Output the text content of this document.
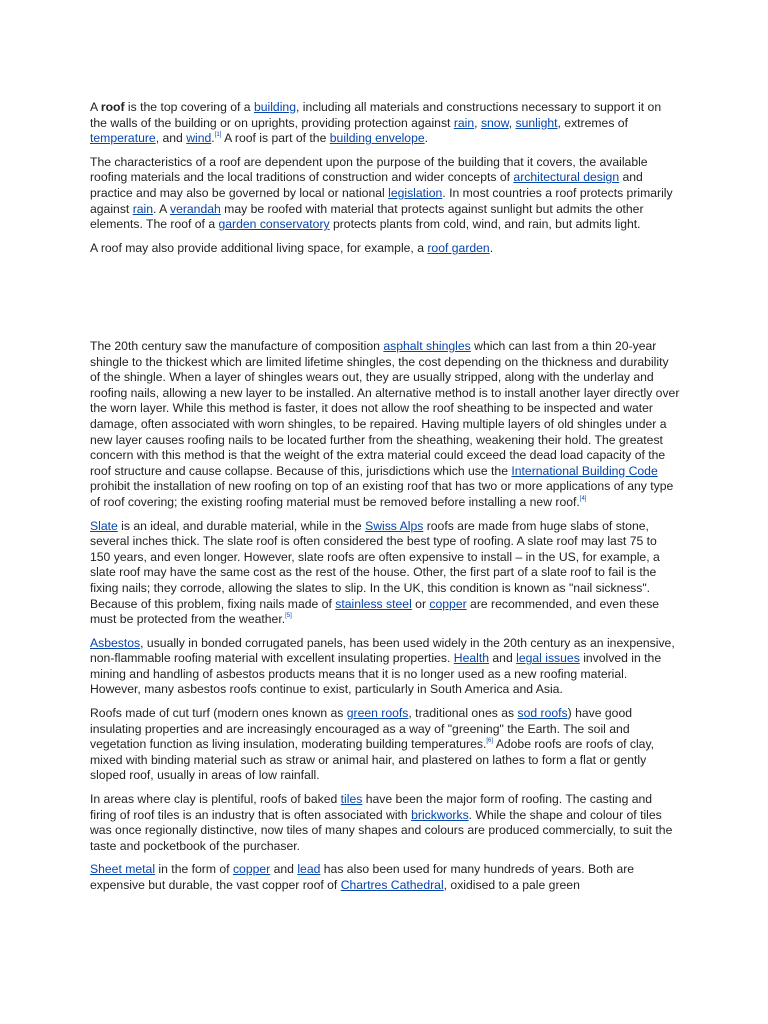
A roof is the top covering of a building, including all materials and constructions necessary to support it on the walls of the building or on uprights, providing protection against rain, snow, sunlight, extremes of temperature, and wind.[1] A roof is part of the building envelope.

The characteristics of a roof are dependent upon the purpose of the building that it covers, the available roofing materials and the local traditions of construction and wider concepts of architectural design and practice and may also be governed by local or national legislation. In most countries a roof protects primarily against rain. A verandah may be roofed with material that protects against sunlight but admits the other elements. The roof of a garden conservatory protects plants from cold, wind, and rain, but admits light.

A roof may also provide additional living space, for example, a roof garden.

The 20th century saw the manufacture of composition asphalt shingles which can last from a thin 20-year shingle to the thickest which are limited lifetime shingles, the cost depending on the thickness and durability of the shingle. When a layer of shingles wears out, they are usually stripped, along with the underlay and roofing nails, allowing a new layer to be installed. An alternative method is to install another layer directly over the worn layer. While this method is faster, it does not allow the roof sheathing to be inspected and water damage, often associated with worn shingles, to be repaired. Having multiple layers of old shingles under a new layer causes roofing nails to be located further from the sheathing, weakening their hold. The greatest concern with this method is that the weight of the extra material could exceed the dead load capacity of the roof structure and cause collapse. Because of this, jurisdictions which use the International Building Code prohibit the installation of new roofing on top of an existing roof that has two or more applications of any type of roof covering; the existing roofing material must be removed before installing a new roof.[4]

Slate is an ideal, and durable material, while in the Swiss Alps roofs are made from huge slabs of stone, several inches thick. The slate roof is often considered the best type of roofing. A slate roof may last 75 to 150 years, and even longer. However, slate roofs are often expensive to install – in the US, for example, a slate roof may have the same cost as the rest of the house. Other, the first part of a slate roof to fail is the fixing nails; they corrode, allowing the slates to slip. In the UK, this condition is known as "nail sickness". Because of this problem, fixing nails made of stainless steel or copper are recommended, and even these must be protected from the weather.[5]

Asbestos, usually in bonded corrugated panels, has been used widely in the 20th century as an inexpensive, non-flammable roofing material with excellent insulating properties. Health and legal issues involved in the mining and handling of asbestos products means that it is no longer used as a new roofing material. However, many asbestos roofs continue to exist, particularly in South America and Asia.

Roofs made of cut turf (modern ones known as green roofs, traditional ones as sod roofs) have good insulating properties and are increasingly encouraged as a way of "greening" the Earth. The soil and vegetation function as living insulation, moderating building temperatures.[6] Adobe roofs are roofs of clay, mixed with binding material such as straw or animal hair, and plastered on lathes to form a flat or gently sloped roof, usually in areas of low rainfall.

In areas where clay is plentiful, roofs of baked tiles have been the major form of roofing. The casting and firing of roof tiles is an industry that is often associated with brickworks. While the shape and colour of tiles was once regionally distinctive, now tiles of many shapes and colours are produced commercially, to suit the taste and pocketbook of the purchaser.

Sheet metal in the form of copper and lead has also been used for many hundreds of years. Both are expensive but durable, the vast copper roof of Chartres Cathedral, oxidised to a pale green
